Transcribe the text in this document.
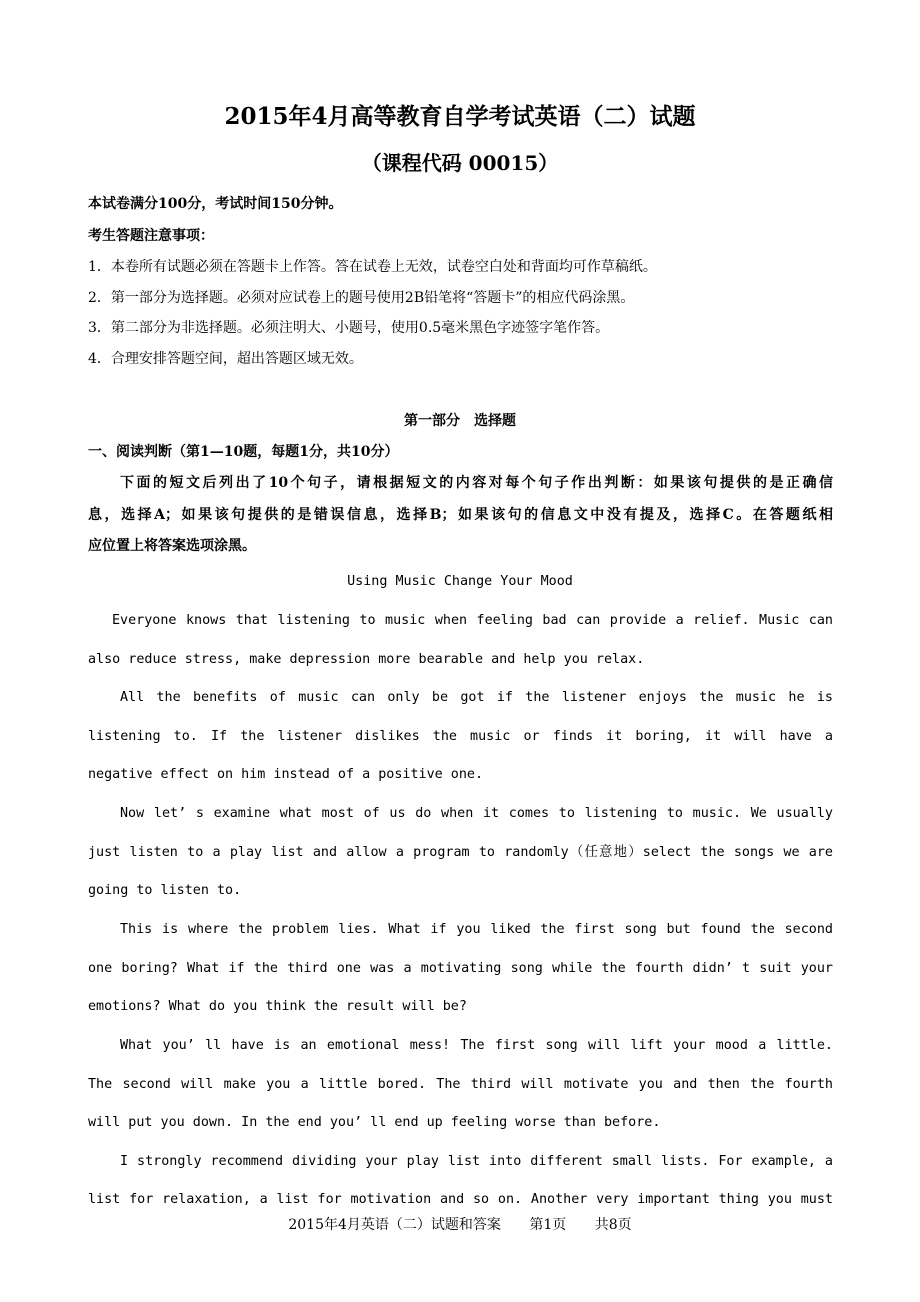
2015年4月高等教育自学考试英语（二）试题
（课程代码 00015）
本试卷满分100分，考试时间150分钟。
考生答题注意事项：
1．本卷所有试题必须在答题卡上作答。答在试卷上无效，试卷空白处和背面均可作草稿纸。
2．第一部分为选择题。必须对应试卷上的题号使用2B铅笔将“答题卡”的相应代码涂黑。
3．第二部分为非选择题。必须注明大、小题号，使用0.5毫米黑色字迹签字笔作答。
4．合理安排答题空间，超出答题区域无效。
第一部分　选择题
一、阅读判断（第1—10题，每题1分，共10分）
下面的短文后列出了10个句子，请根据短文的内容对每个句子作出判断：如果该句提供的是正确信
息，选择A；如果该句提供的是错误信息，选择B；如果该句的信息文中没有提及，选择C。在答题纸相
应位置上将答案选项涂黑。
Using Music Change Your Mood
Everyone knows that listening to music when feeling bad can provide a relief. Music can
also reduce stress, make depression more bearable and help you relax.
All the benefits of music can only be got if the listener enjoys the music he is
listening to. If the listener dislikes the music or finds it boring, it will have a
negative effect on him instead of a positive one.
Now let’ s examine what most of us do when it comes to listening to music. We usually
just listen to a play list and allow a program to randomly（任意地）select the songs we are
going to listen to.
This is where the problem lies. What if you liked the first song but found the second
one boring? What if the third one was a motivating song while the fourth didn’ t suit your
emotions? What do you think the result will be?
What you’ ll have is an emotional mess! The first song will lift your mood a little.
The second will make you a little bored. The third will motivate you and then the fourth
will put you down. In the end you’ ll end up feeling worse than before.
I strongly recommend dividing your play list into different small lists. For example, a
list for relaxation, a list for motivation and so on. Another very important thing you must
2015年4月英语（二）试题和答案 第1页 共8页
